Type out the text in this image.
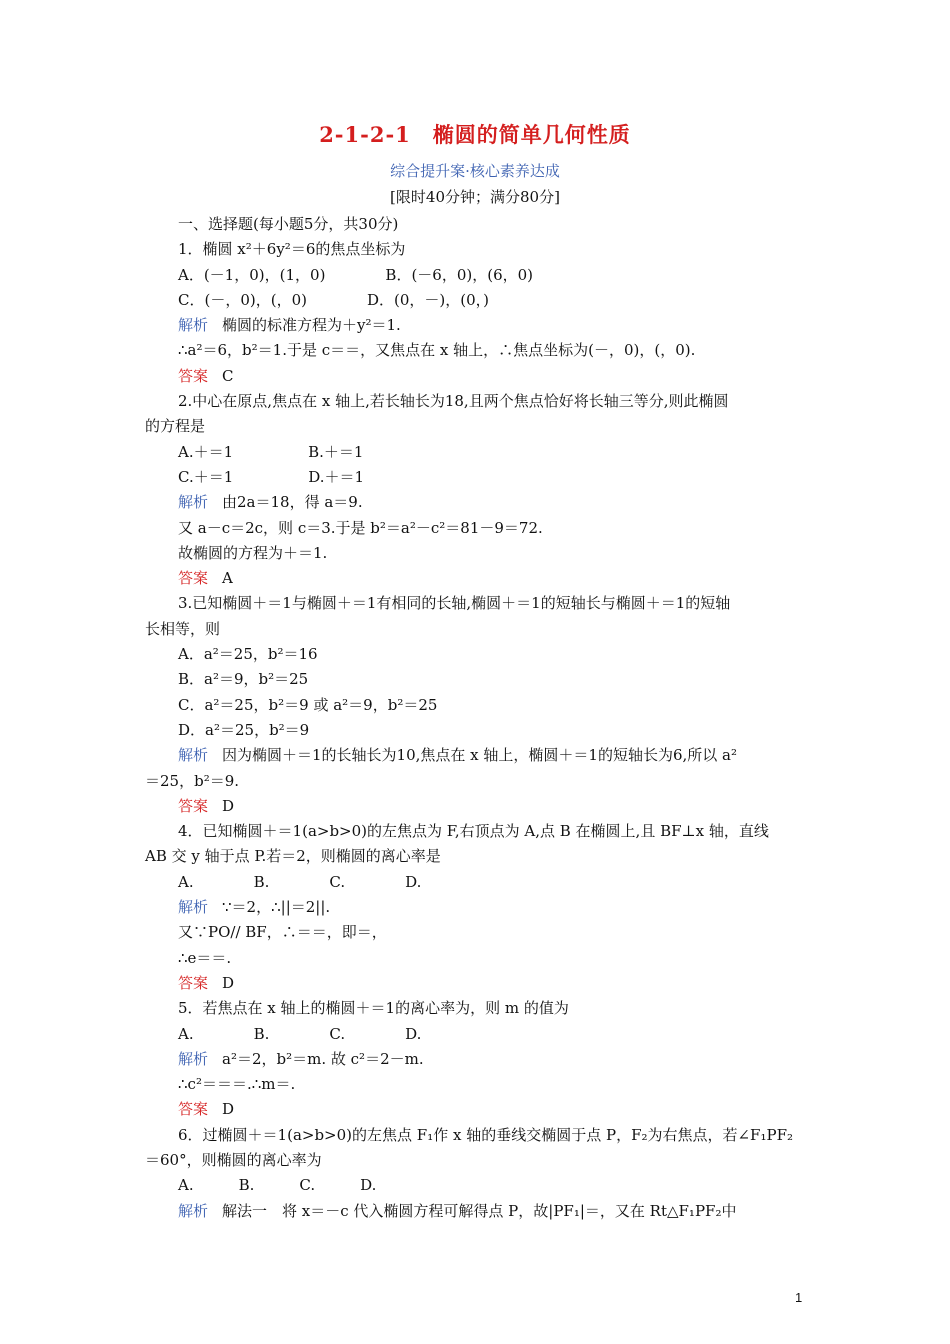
2-1-2-1　椭圆的简单几何性质
综合提升案·核心素养达成
[限时40分钟；满分80分]
一、选择题(每小题5分，共30分)
1．椭圆 x²＋6y²＝6的焦点坐标为
A．(－1，0)，(1，0)　　　　B．(－6，0)，(6，0)
C．(－，0)，(，0)　　　　D．(0，－)，(0，)
解析 椭圆的标准方程为＋y²＝1.
∴a²＝6，b²＝1.于是 c＝＝，又焦点在 x 轴上，∴焦点坐标为(－，0)，(，0).
答案 C
2.中心在原点,焦点在 x 轴上,若长轴长为18,且两个焦点恰好将长轴三等分,则此椭圆
的方程是
A.＋＝1　　　　　B.＋＝1
C.＋＝1　　　　　D.＋＝1
解析 由2a＝18，得 a＝9.
又 a－c＝2c，则 c＝3.于是 b²＝a²－c²＝81－9＝72.
故椭圆的方程为＋＝1.
答案 A
3.已知椭圆＋＝1与椭圆＋＝1有相同的长轴,椭圆＋＝1的短轴长与椭圆＋＝1的短轴
长相等，则
A．a²＝25，b²＝16
B．a²＝9，b²＝25
C．a²＝25，b²＝9 或 a²＝9，b²＝25
D．a²＝25，b²＝9
解析 因为椭圆＋＝1的长轴长为10,焦点在 x 轴上，椭圆＋＝1的短轴长为6,所以 a²
＝25，b²＝9.
答案 D
4．已知椭圆＋＝1(a>b>0)的左焦点为 F,右顶点为 A,点 B 在椭圆上,且 BF⊥x 轴，直线
AB 交 y 轴于点 P.若＝2，则椭圆的离心率是
A.　　　　B.　　　　C.　　　　D.
解析 ∵＝2，∴||＝2||.
又∵PO// BF，∴＝＝，即＝，
∴e＝＝.
答案 D
5．若焦点在 x 轴上的椭圆＋＝1的离心率为，则 m 的值为
A.　　　　B.　　　　C.　　　　D.
解析 a²＝2，b²＝m. 故 c²＝2－m.
∴c²＝＝＝.∴m＝.
答案 D
6．过椭圆＋＝1(a>b>0)的左焦点 F₁作 x 轴的垂线交椭圆于点 P，F₂为右焦点，若∠F₁PF₂
＝60°，则椭圆的离心率为
A.　　　B.　　　C.　　　D.
解析 解法一　将 x＝－c 代入椭圆方程可解得点 P，故|PF₁|＝，又在 Rt△F₁PF₂中
1
